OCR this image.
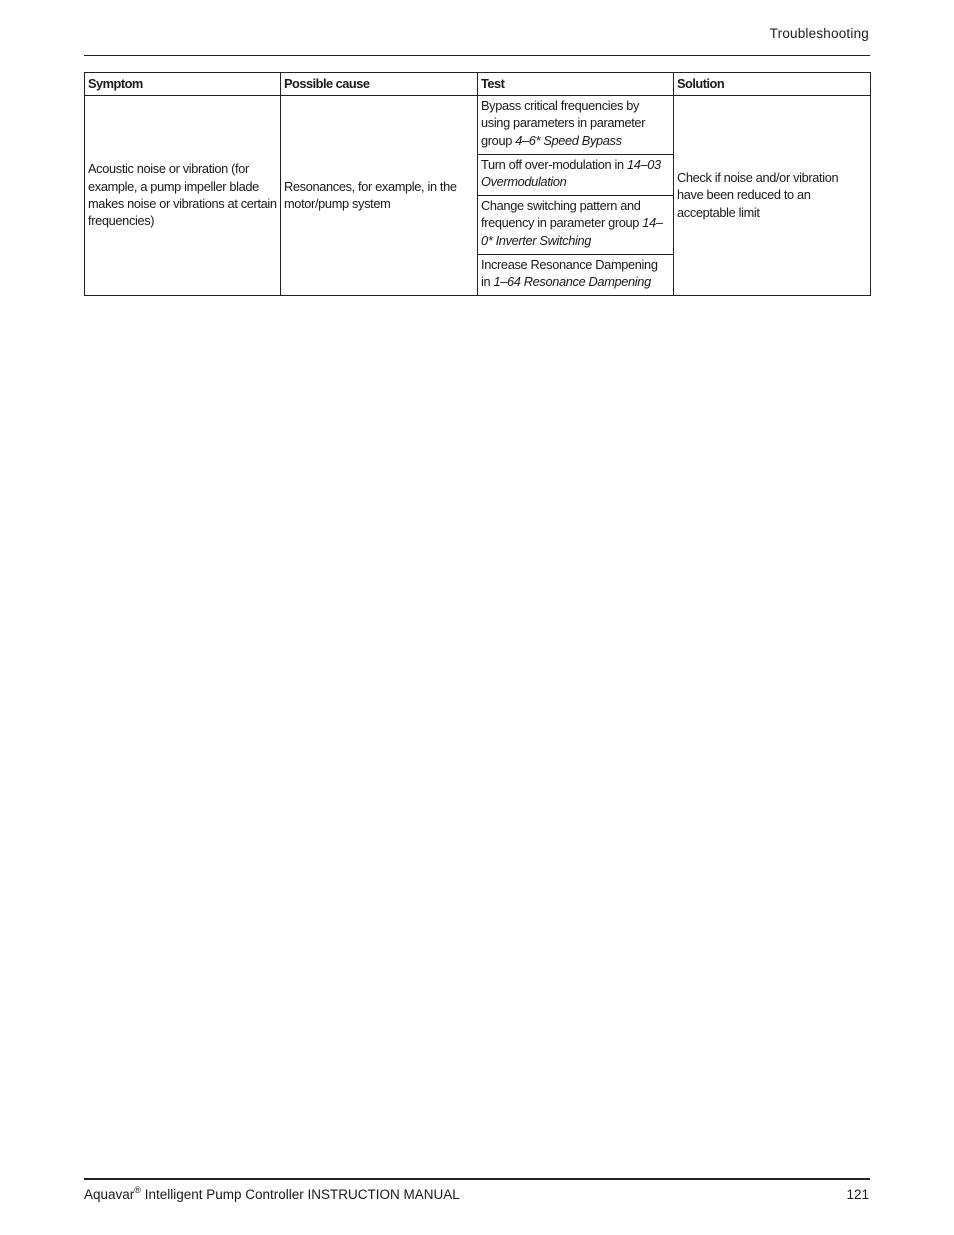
Troubleshooting
Symptom	Possible cause	Test	Solution
Acoustic noise or vibration (for example, a pump impeller blade makes noise or vibrations at certain frequencies)	Resonances, for example, in the motor/pump system	Bypass critical frequencies by using parameters in parameter group 4–6* Speed Bypass	Check if noise and/or vibration have been reduced to an acceptable limit
		Turn off over-modulation in 14–03 Overmodulation	
		Change switching pattern and frequency in parameter group 14–0* Inverter Switching	
		Increase Resonance Dampening in 1–64 Resonance Dampening	
Aquavar® Intelligent Pump Controller INSTRUCTION MANUAL	121
